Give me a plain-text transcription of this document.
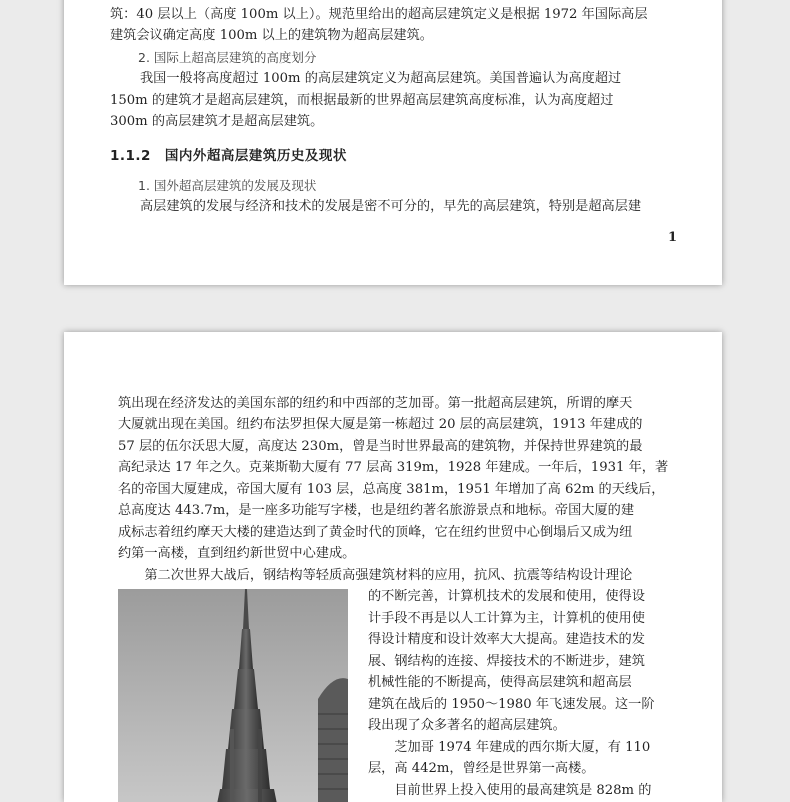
筑：40 层以上（高度 100m 以上）。规范里给出的超高层建筑定义是根据 1972 年国际高层
建筑会议确定高度 100m 以上的建筑物为超高层建筑。
2. 国际上超高层建筑的高度划分
我国一般将高度超过 100m 的高层建筑定义为超高层建筑。美国普遍认为高度超过
150m 的建筑才是超高层建筑，而根据最新的世界超高层建筑高度标准，认为高度超过
300m 的高层建筑才是超高层建筑。
1.1.2　国内外超高层建筑历史及现状
1. 国外超高层建筑的发展及现状
高层建筑的发展与经济和技术的发展是密不可分的，早先的高层建筑，特别是超高层建
1
筑出现在经济发达的美国东部的纽约和中西部的芝加哥。第一批超高层建筑，所谓的摩天
大厦就出现在美国。纽约布法罗担保大厦是第一栋超过 20 层的高层建筑，1913 年建成的
57 层的伍尔沃思大厦，高度达 230m，曾是当时世界最高的建筑物，并保持世界建筑的最
高纪录达 17 年之久。克莱斯勒大厦有 77 层高 319m，1928 年建成。一年后，1931 年，著
名的帝国大厦建成，帝国大厦有 103 层，总高度 381m，1951 年增加了高 62m 的天线后，
总高度达 443.7m，是一座多功能写字楼，也是纽约著名旅游景点和地标。帝国大厦的建
成标志着纽约摩天大楼的建造达到了黄金时代的顶峰，它在纽约世贸中心倒塌后又成为纽
约第一高楼，直到纽约新世贸中心建成。
　　第二次世界大战后，钢结构等轻质高强建筑材料的应用，抗风、抗震等结构设计理论
的不断完善，计算机技术的发展和使用，使得设
计手段不再是以人工计算为主，计算机的使用使
得设计精度和设计效率大大提高。建造技术的发
展、钢结构的连接、焊接技术的不断进步，建筑
机械性能的不断提高，使得高层建筑和超高层
建筑在战后的 1950～1980 年飞速发展。这一阶
段出现了众多著名的超高层建筑。
　　芝加哥 1974 年建成的西尔斯大厦，有 110
层，高 442m，曾经是世界第一高楼。
　　目前世界上投入使用的最高建筑是 828m 的
